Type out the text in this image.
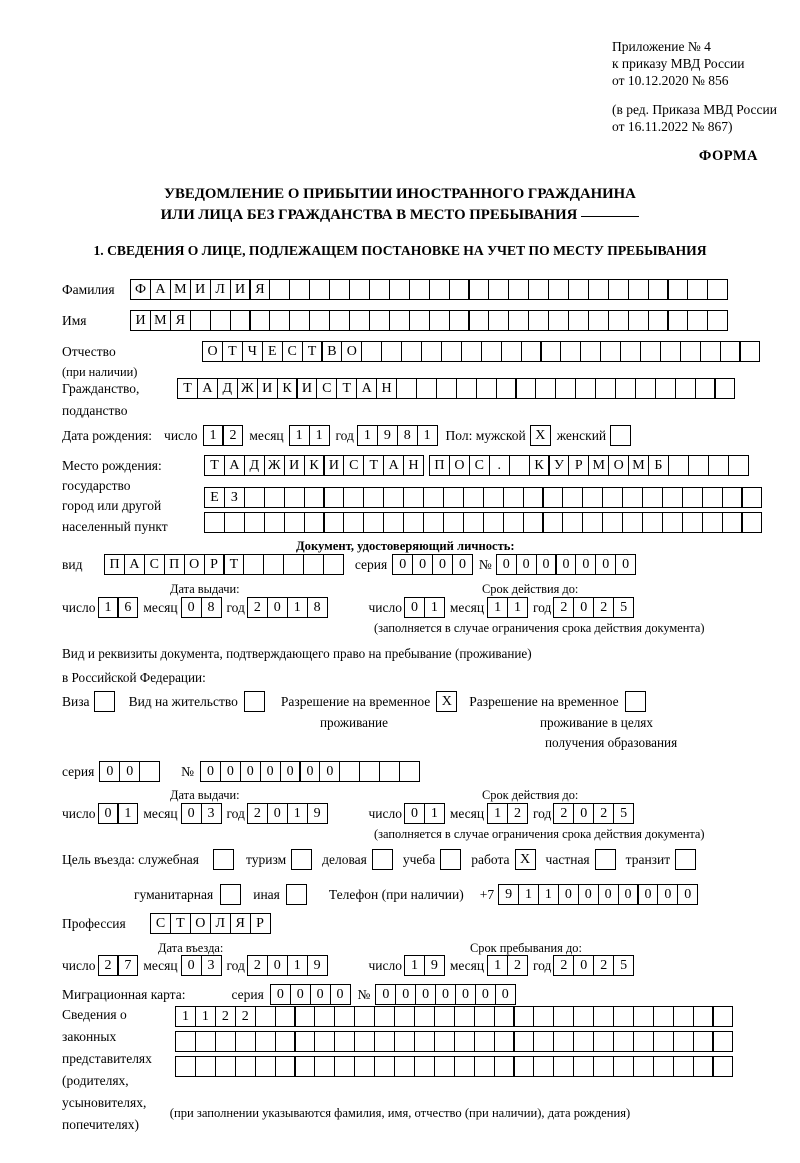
Приложение № 4
к приказу МВД России
от 10.12.2020 № 856
(в ред. Приказа МВД России
от 16.11.2022 № 867)
ФОРМА
УВЕДОМЛЕНИЕ О ПРИБЫТИИ ИНОСТРАННОГО ГРАЖДАНИНА
ИЛИ ЛИЦА БЕЗ ГРАЖДАНСТВА В МЕСТО ПРЕБЫВАНИЯ
1. СВЕДЕНИЯ О ЛИЦЕ, ПОДЛЕЖАЩЕМ ПОСТАНОВКЕ НА УЧЕТ ПО МЕСТУ ПРЕБЫВАНИЯ
Фамилия	Ф А М И Л И Я
Имя	И М Я
Отчество	О Т Ч Е С Т В О
(при наличии)
Гражданство,	Т А Д Ж И К И С Т А Н
подданство
Дата рождения: число 1 2 месяц 1 1 год 1 9 8 1	Пол: мужской Х женский
Место рождения:	Т А Д Ж И К И С Т А Н	П О С .	К У Р М О М Б
государство
Е З
город или другой
населенный пункт
Документ, удостоверяющий личность:
вид	П А С П О Р Т	серия 0 0 0 0 № 0 0 0 0 0 0 0
Дата выдачи:	Срок действия до:
число 1 6 месяц 0 8 год 2 0 1 8	число 0 1 месяц 1 1 год 2 0 2 5
(заполняется в случае ограничения срока действия документа)
Вид и реквизиты документа, подтверждающего право на пребывание (проживание)
в Российской Федерации:
Виза	Вид на жительство	Разрешение на временное Х	Разрешение на временное
проживание	проживание в целях
получения образования
серия 0 0	№ 0 0 0 0 0 0 0
Дата выдачи:	Срок действия до:
число 0 1 месяц 0 3 год 2 0 1 9	число 0 1 месяц 1 2 год 2 0 2 5
(заполняется в случае ограничения срока действия документа)
Цель въезда: служебная	туризм	деловая	учеба	работа Х	частная	транзит
гуманитарная	иная	Телефон (при наличии) +7 9 1 1 0 0 0 0 0 0 0
Профессия	С Т О Л Я Р
Дата въезда:	Срок пребывания до:
число 2 7 месяц 0 3 год 2 0 1 9	число 1 9 месяц 1 2 год 2 0 2 5
Миграционная карта:	серия 0 0 0 0	№ 0 0 0 0 0 0 0
Сведения о
законных
представителях
(родителях,
усыновителях,
попечителях)
1 1 2 2
(при заполнении указываются фамилия, имя, отчество (при наличии), дата рождения)
